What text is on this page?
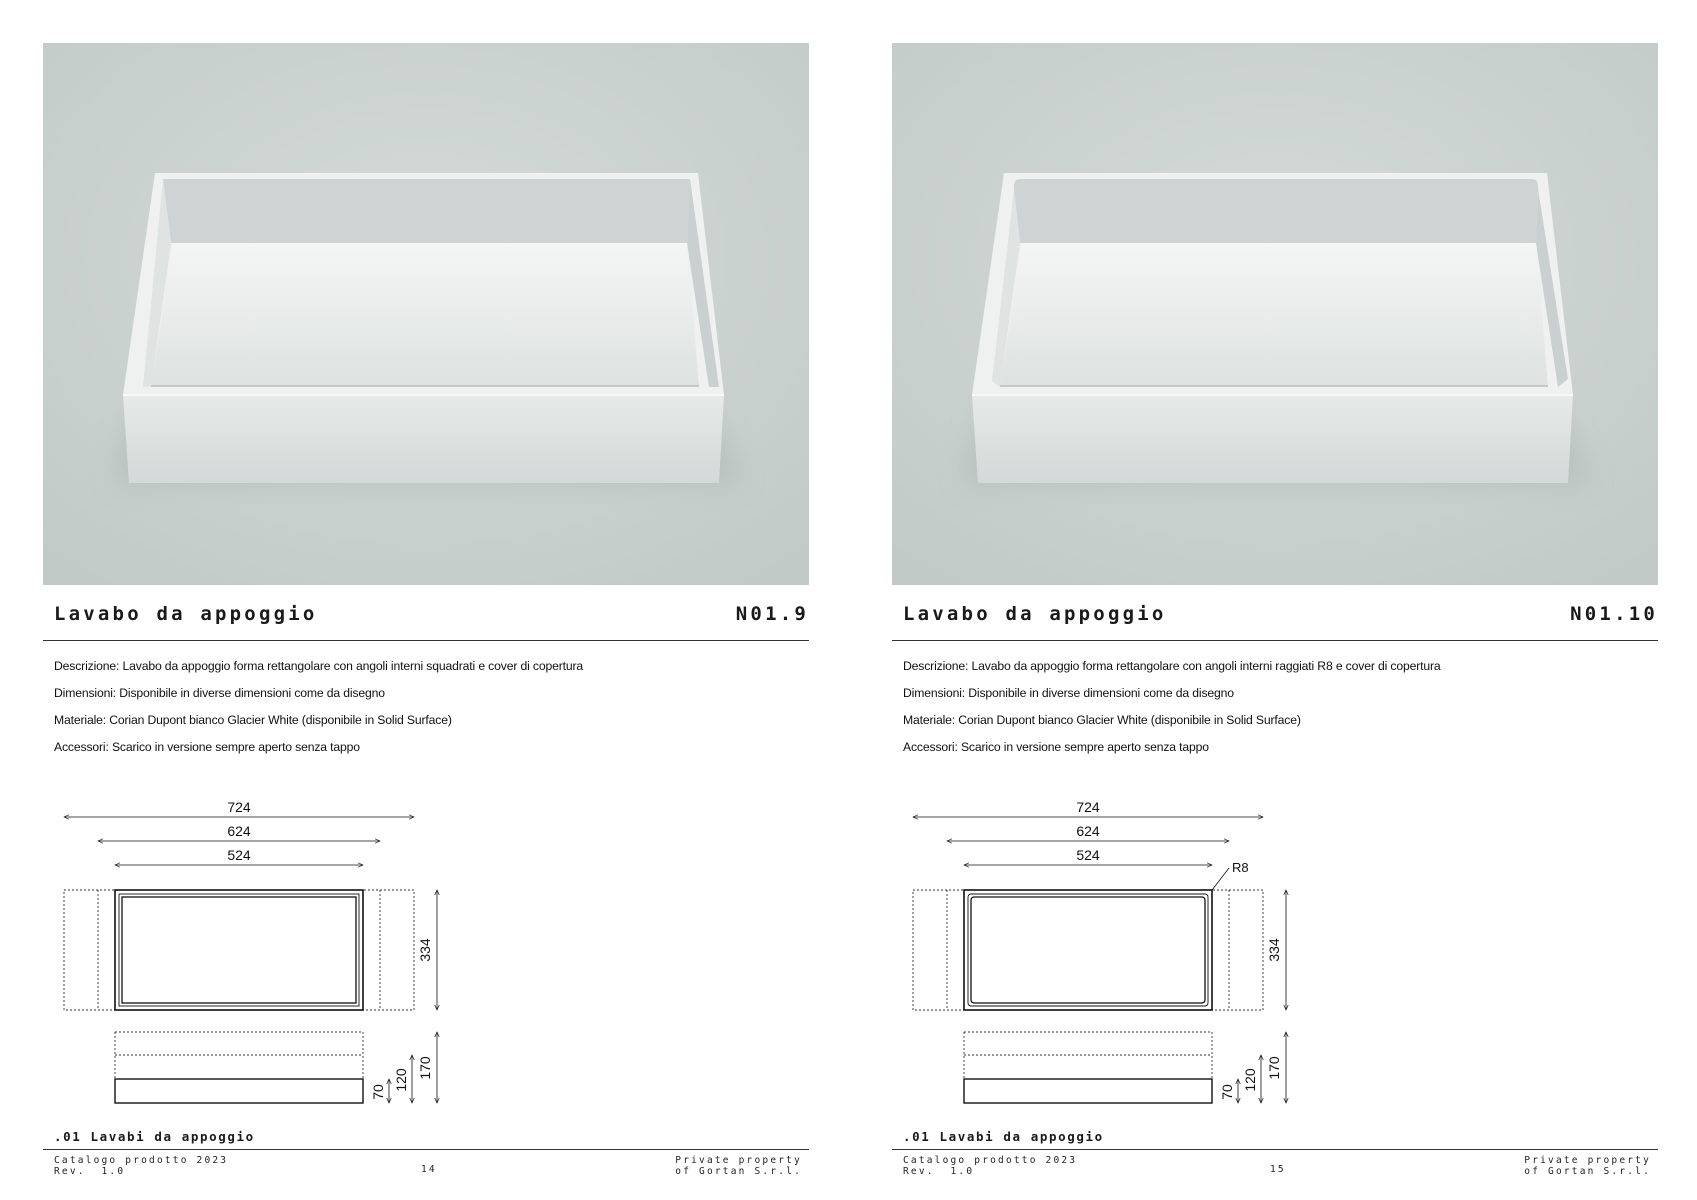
Lavabo da appoggio	N01.9
Descrizione: Lavabo da appoggio forma rettangolare con angoli interni squadrati e cover di copertura
Dimensioni: Disponibile in diverse dimensioni come da disegno
Materiale: Corian Dupont bianco Glacier White (disponibile in Solid Surface)
Accessori: Scarico in versione sempre aperto senza tappo
724
624
524
334
70
120
170
.01 Lavabi da appoggio
Catalogo prodotto 2023
Rev.  1.0	14
Private property
of Gortan S.r.l.
Lavabo da appoggio	N01.10
Descrizione: Lavabo da appoggio forma rettangolare con angoli interni raggiati R8 e cover di copertura
Dimensioni: Disponibile in diverse dimensioni come da disegno
Materiale: Corian Dupont bianco Glacier White (disponibile in Solid Surface)
Accessori: Scarico in versione sempre aperto senza tappo
724
624
524
R8
334
70
120
170
.01 Lavabi da appoggio
Catalogo prodotto 2023
Rev.  1.0	15
Private property
of Gortan S.r.l.
